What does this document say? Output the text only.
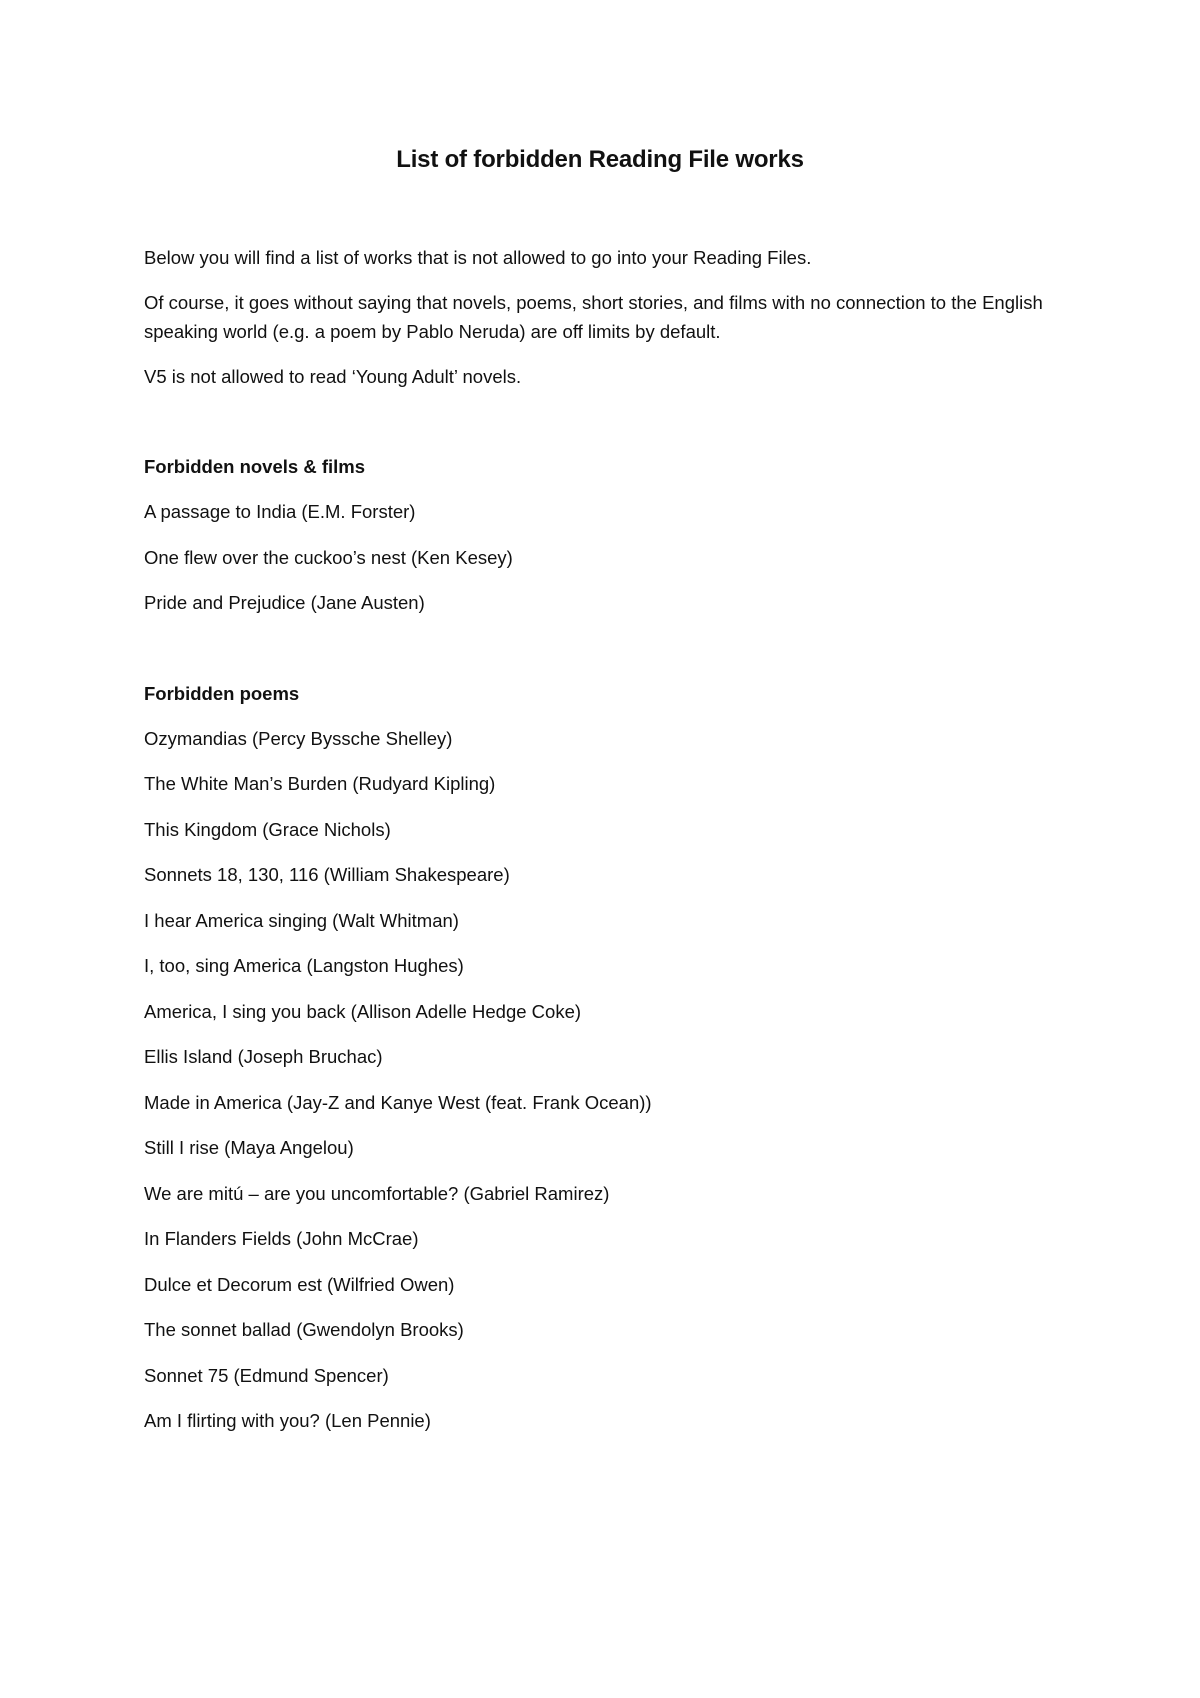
List of forbidden Reading File works

Below you will find a list of works that is not allowed to go into your Reading Files.

Of course, it goes without saying that novels, poems, short stories, and films with no connection to the English speaking world (e.g. a poem by Pablo Neruda) are off limits by default.

V5 is not allowed to read ‘Young Adult’ novels.

Forbidden novels & films

A passage to India (E.M. Forster)

One flew over the cuckoo’s nest (Ken Kesey)

Pride and Prejudice (Jane Austen)

Forbidden poems

Ozymandias (Percy Byssche Shelley)

The White Man’s Burden (Rudyard Kipling)

This Kingdom (Grace Nichols)

Sonnets 18, 130, 116 (William Shakespeare)

I hear America singing (Walt Whitman)

I, too, sing America (Langston Hughes)

America, I sing you back (Allison Adelle Hedge Coke)

Ellis Island (Joseph Bruchac)

Made in America (Jay-Z and Kanye West (feat. Frank Ocean))

Still I rise (Maya Angelou)

We are mitú – are you uncomfortable? (Gabriel Ramirez)

In Flanders Fields (John McCrae)

Dulce et Decorum est (Wilfried Owen)

The sonnet ballad (Gwendolyn Brooks)

Sonnet 75 (Edmund Spencer)

Am I flirting with you? (Len Pennie)
